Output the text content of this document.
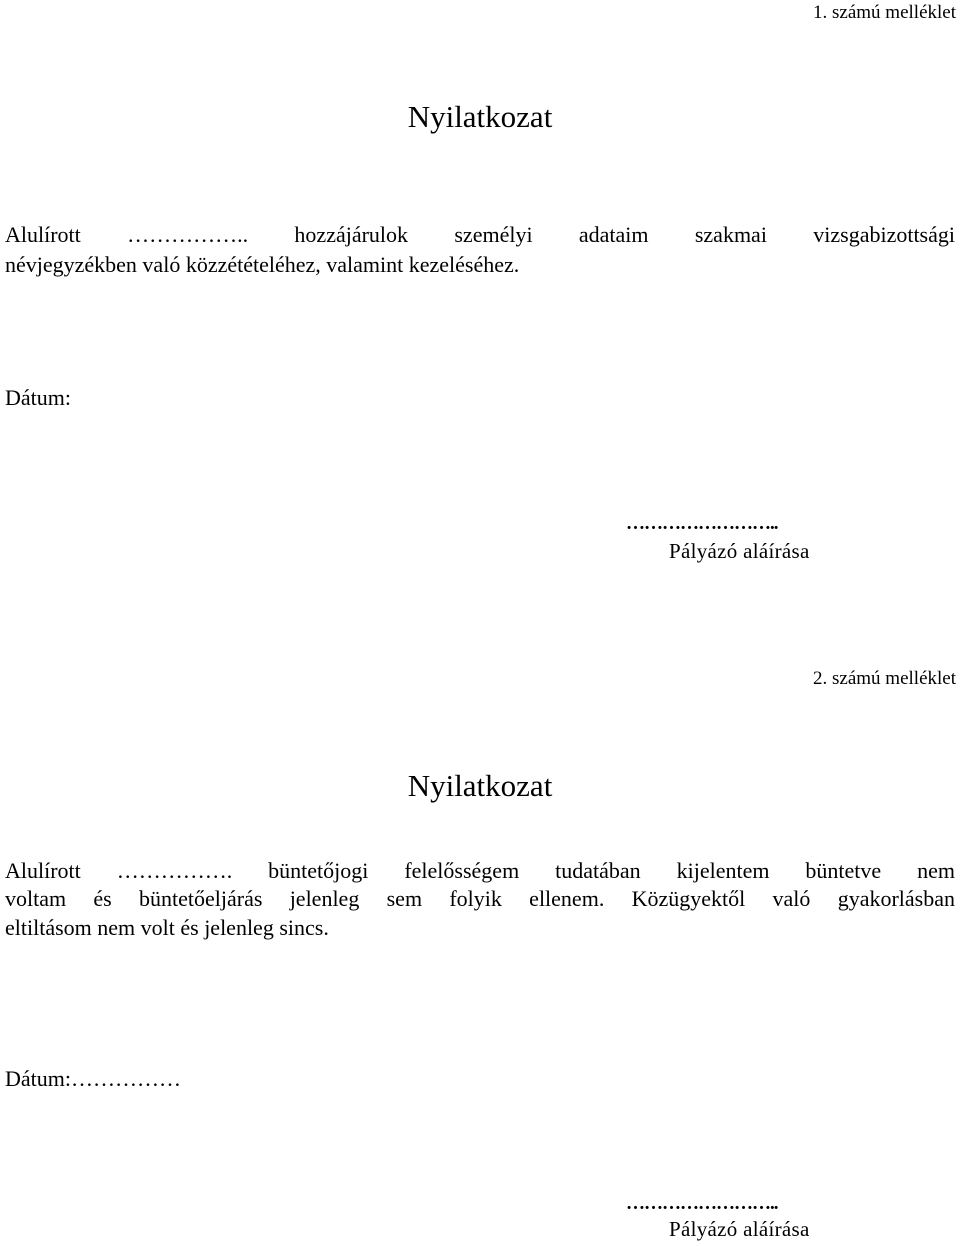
1. számú melléklet
Nyilatkozat
Alulírott …………….. hozzájárulok személyi adataim szakmai vizsgabizottsági
névjegyzékben való közzétételéhez, valamint kezeléséhez.
Dátum:
……………………..
Pályázó aláírása
2. számú melléklet
Nyilatkozat
Alulírott ……………. büntetőjogi felelősségem tudatában kijelentem büntetve nem
voltam és büntetőeljárás jelenleg sem folyik ellenem. Közügyektől való gyakorlásban
eltiltásom nem volt és jelenleg sincs.
Dátum:……………
……………………..
Pályázó aláírása
